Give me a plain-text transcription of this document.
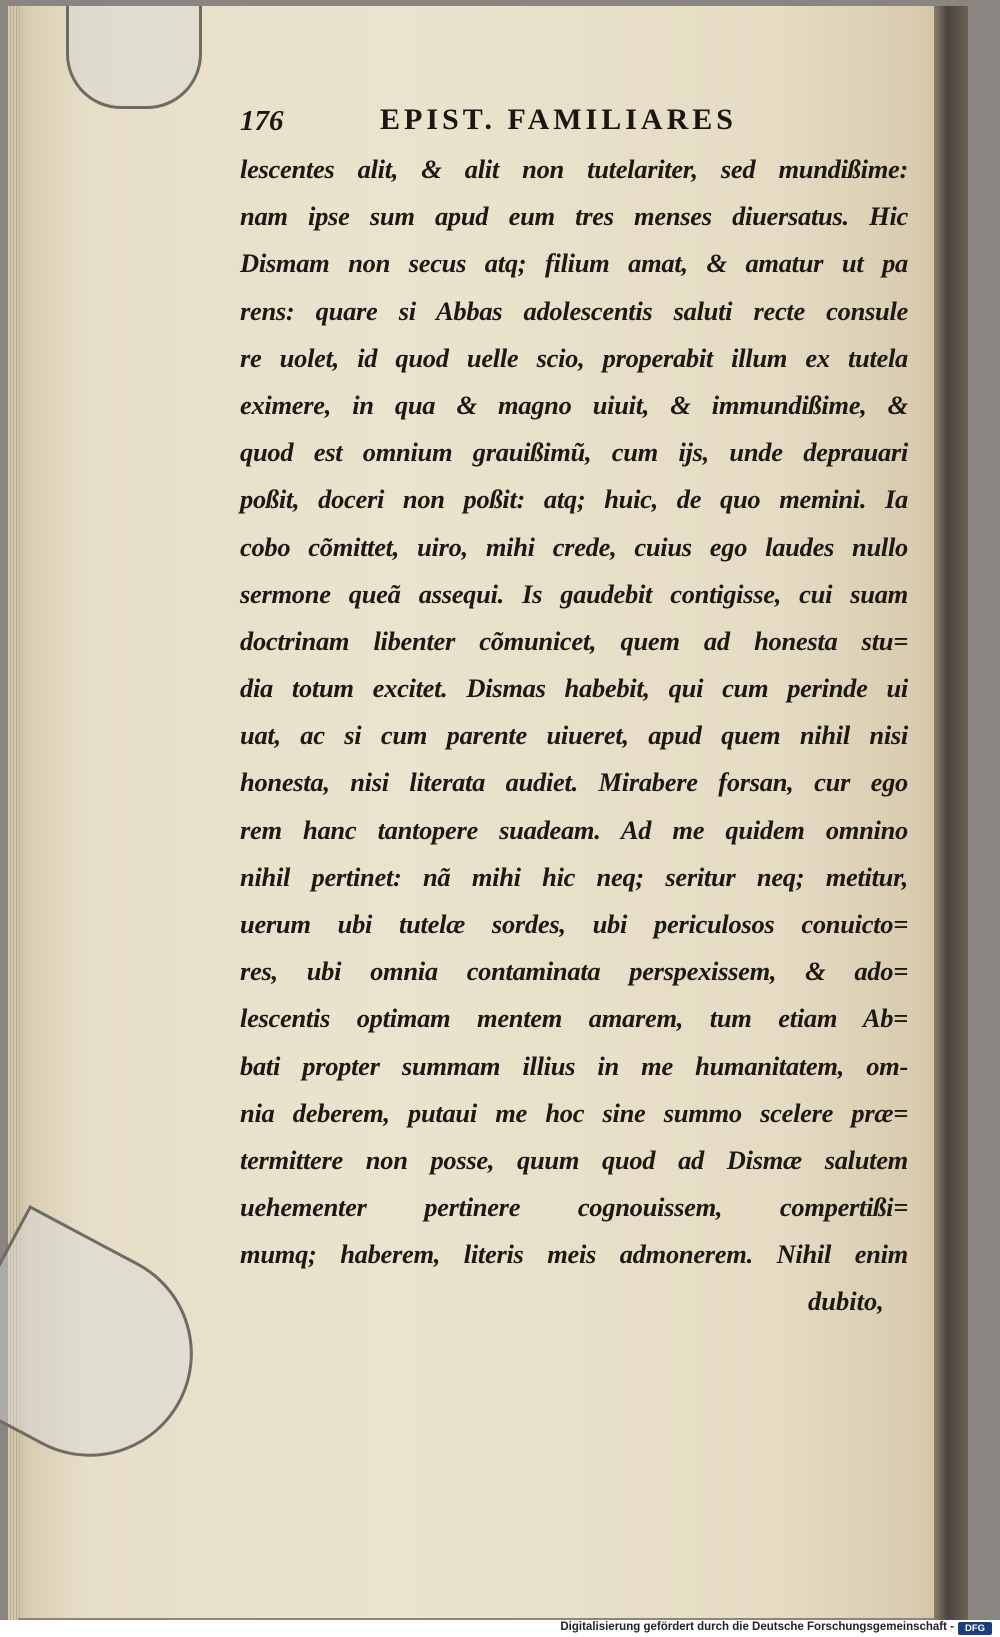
176	EPIST. FAMILIARES
lescentes alit, & alit non tutelariter, sed mundißime:
nam ipse sum apud eum tres menses diuersatus. Hic
Dismam non secus atq; filium amat, & amatur ut pa
rens: quare si Abbas adolescentis saluti recte consule
re uolet, id quod uelle scio, properabit illum ex tutela
eximere, in qua & magno uiuit, & immundißime, &
quod est omnium grauißimũ, cum ijs, unde deprauari
poßit, doceri non poßit: atq; huic, de quo memini. Ia
cobo cõmittet, uiro, mihi crede, cuius ego laudes nullo
sermone queã assequi. Is gaudebit contigisse, cui suam
doctrinam libenter cõmunicet, quem ad honesta stu=
dia totum excitet. Dismas habebit, qui cum perinde ui
uat, ac si cum parente uiueret, apud quem nihil nisi
honesta, nisi literata audiet. Mirabere forsan, cur ego
rem hanc tantopere suadeam. Ad me quidem omnino
nihil pertinet: nã mihi hic neq; seritur neq; metitur,
uerum ubi tutelæ sordes, ubi periculosos conuicto=
res, ubi omnia contaminata perspexissem, & ado=
lescentis optimam mentem amarem, tum etiam Ab=
bati propter summam illius in me humanitatem, om-
nia deberem, putaui me hoc sine summo scelere præ=
termittere non posse, quum quod ad Dismæ salutem
uehementer pertinere cognouissem, compertißi=
mumq; haberem, literis meis admonerem. Nihil enim
dubito,
Digitalisierung gefördert durch die Deutsche Forschungsgemeinschaft -	DFG
